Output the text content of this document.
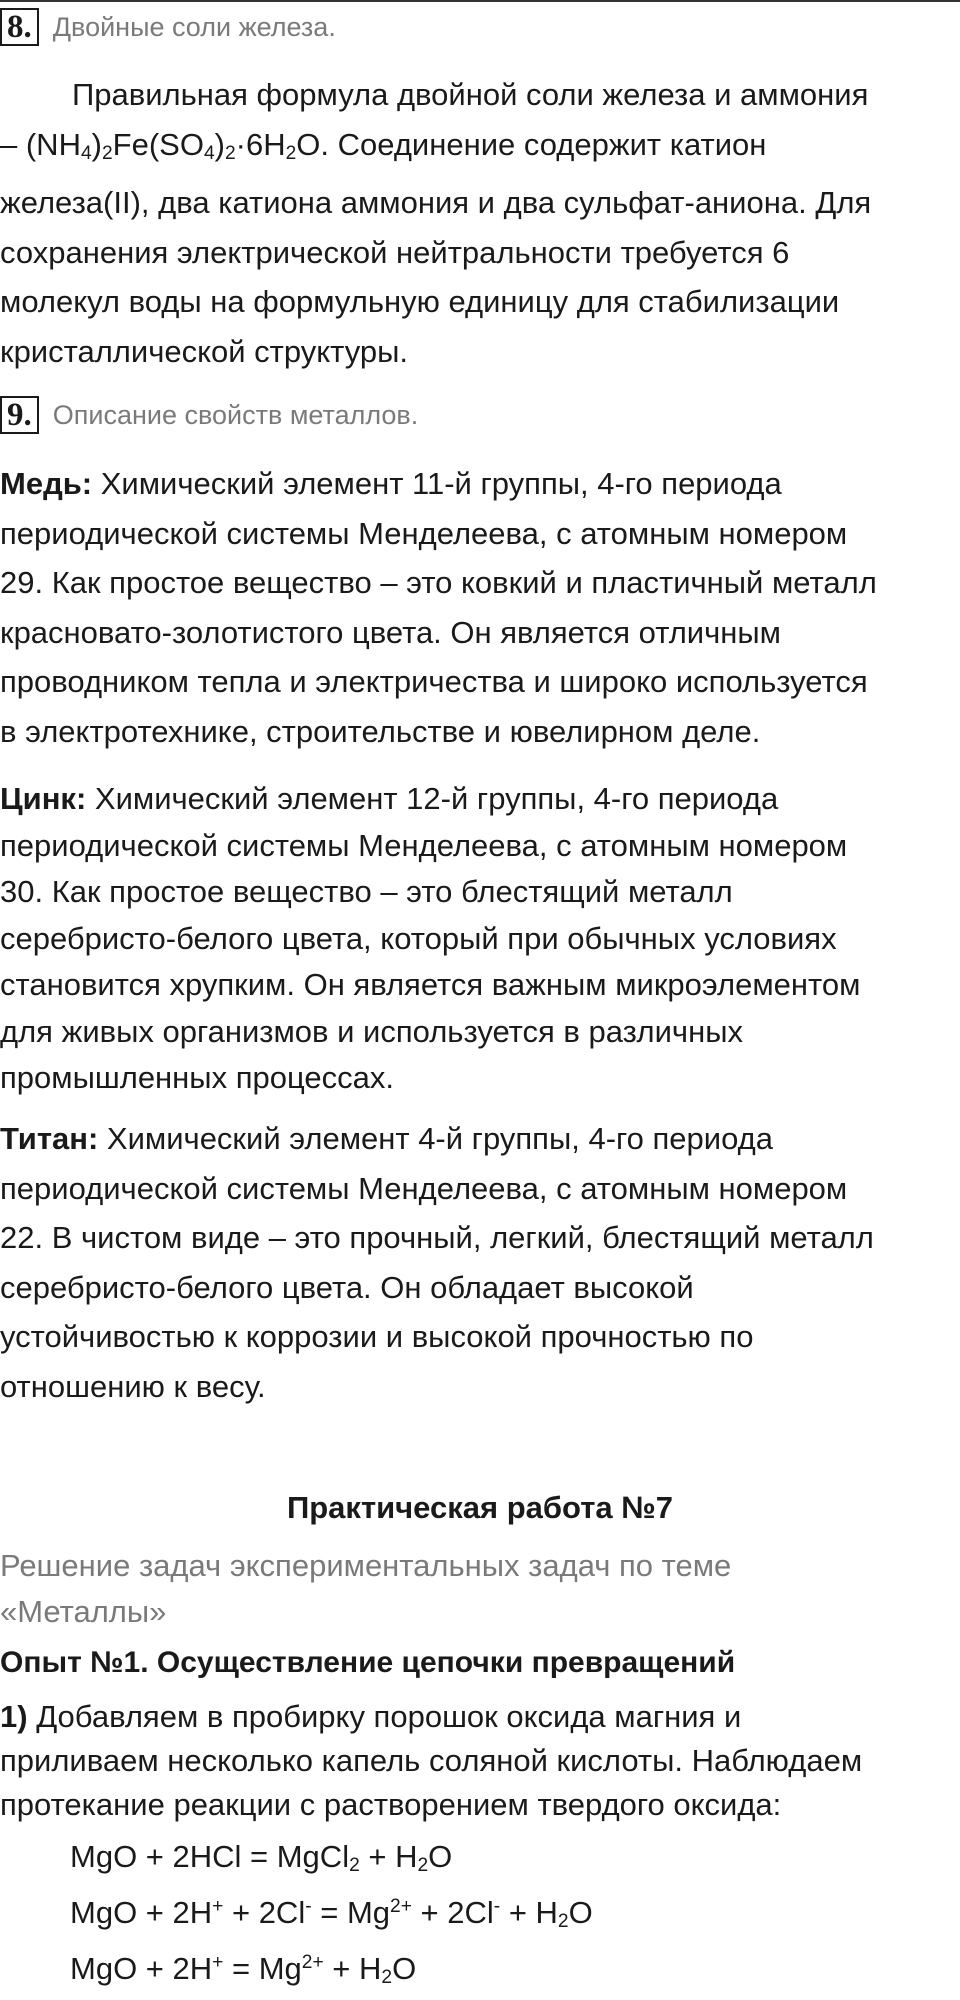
8. Двойные соли железа.
Правильная формула двойной соли железа и аммония
– $(NH_4)_2Fe(SO_4)_2\cdot 6H_2O$. Соединение содержит катион
железа(II), два катиона аммония и два сульфат-аниона. Для
сохранения электрической нейтральности требуется 6
молекул воды на формульную единицу для стабилизации
кристаллической структуры.
9. Описание свойств металлов.
Медь: Химический элемент 11-й группы, 4-го периода
периодической системы Менделеева, с атомным номером
29. Как простое вещество – это ковкий и пластичный металл
красновато-золотистого цвета. Он является отличным
проводником тепла и электричества и широко используется
в электротехнике, строительстве и ювелирном деле.
Цинк: Химический элемент 12-й группы, 4-го периода
периодической системы Менделеева, с атомным номером
30. Как простое вещество – это блестящий металл
серебристо-белого цвета, который при обычных условиях
становится хрупким. Он является важным микроэлементом
для живых организмов и используется в различных
промышленных процессах.
Титан: Химический элемент 4-й группы, 4-го периода
периодической системы Менделеева, с атомным номером
22. В чистом виде – это прочный, легкий, блестящий металл
серебристо-белого цвета. Он обладает высокой
устойчивостью к коррозии и высокой прочностью по
отношению к весу.
Практическая работа №7
Решение задач экспериментальных задач по теме
«Металлы»
Опыт №1. Осуществление цепочки превращений
1) Добавляем в пробирку порошок оксида магния и
приливаем несколько капель соляной кислоты. Наблюдаем
протекание реакции с растворением твердого оксида:
MgO + 2HCl = MgCl$_2$ + $H_2O$
MgO + $2H^+ + 2Cl^- = Mg^{2+} + 2Cl^- + H_2O$
MgO + $2H^+ = Mg^{2+} + H_2O$
